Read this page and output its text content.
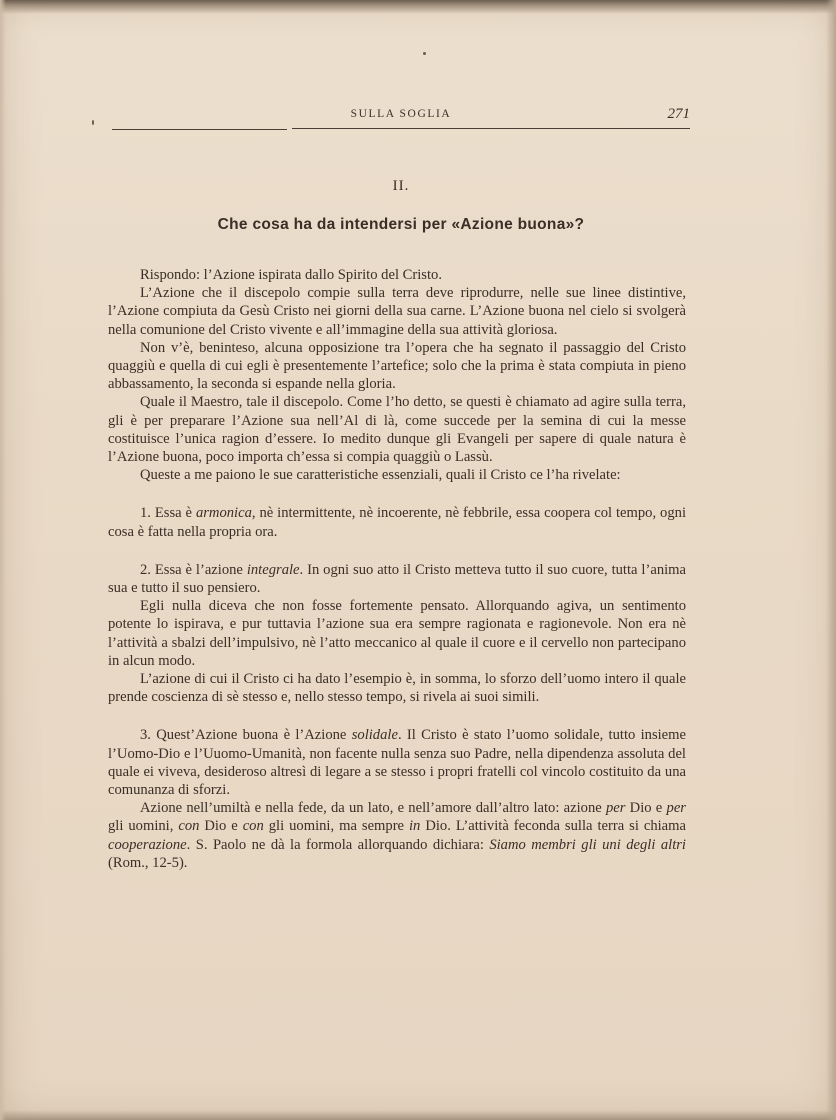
SULLA SOGLIA	271
II.
Che cosa ha da intendersi per «Azione buona»?

Rispondo: l’Azione ispirata dallo Spirito del Cristo.

L’Azione che il discepolo compie sulla terra deve riprodurre, nelle sue linee distintive, l’Azione compiuta da Gesù Cristo nei giorni della sua carne. L’Azione buona nel cielo si svolgerà nella comunione del Cristo vivente e all’immagine della sua attività gloriosa.

Non v’è, beninteso, alcuna opposizione tra l’opera che ha segnato il passaggio del Cristo quaggiù e quella di cui egli è presentemente l’artefice; solo che la prima è stata compiuta in pieno abbassamento, la seconda si espande nella gloria.

Quale il Maestro, tale il discepolo. Come l’ho detto, se questi è chiamato ad agire sulla terra, gli è per preparare l’Azione sua nell’Al di là, come succede per la semina di cui la messe costituisce l’unica ragion d’essere. Io medito dunque gli Evangeli per sapere di quale natura è l’Azione buona, poco importa ch’essa si compia quaggiù o Lassù.

Queste a me paiono le sue caratteristiche essenziali, quali il Cristo ce l’ha rivelate:

1. Essa è armonica, nè intermittente, nè incoerente, nè febbrile, essa coopera col tempo, ogni cosa è fatta nella propria ora.

2. Essa è l’azione integrale. In ogni suo atto il Cristo metteva tutto il suo cuore, tutta l’anima sua e tutto il suo pensiero.

Egli nulla diceva che non fosse fortemente pensato. Allorquando agiva, un sentimento potente lo ispirava, e pur tuttavia l’azione sua era sempre ragionata e ragionevole. Non era nè l’attività a sbalzi dell’impulsivo, nè l’atto meccanico al quale il cuore e il cervello non partecipano in alcun modo.

L’azione di cui il Cristo ci ha dato l’esempio è, in somma, lo sforzo dell’uomo intero il quale prende coscienza di sè stesso e, nello stesso tempo, si rivela ai suoi simili.

3. Quest’Azione buona è l’Azione solidale. Il Cristo è stato l’uomo solidale, tutto insieme l’Uomo-Dio e l’Uuomo-Umanità, non facente nulla senza suo Padre, nella dipendenza assoluta del quale ei viveva, desideroso altresì di legare a se stesso i propri fratelli col vincolo costituito da una comunanza di sforzi.

Azione nell’umiltà e nella fede, da un lato, e nell’amore dall’altro lato: azione per Dio e per gli uomini, con Dio e con gli uomini, ma sempre in Dio. L’attività feconda sulla terra si chiama cooperazione. S. Paolo ne dà la formola allorquando dichiara: Siamo membri gli uni degli altri (Rom., 12-5).
